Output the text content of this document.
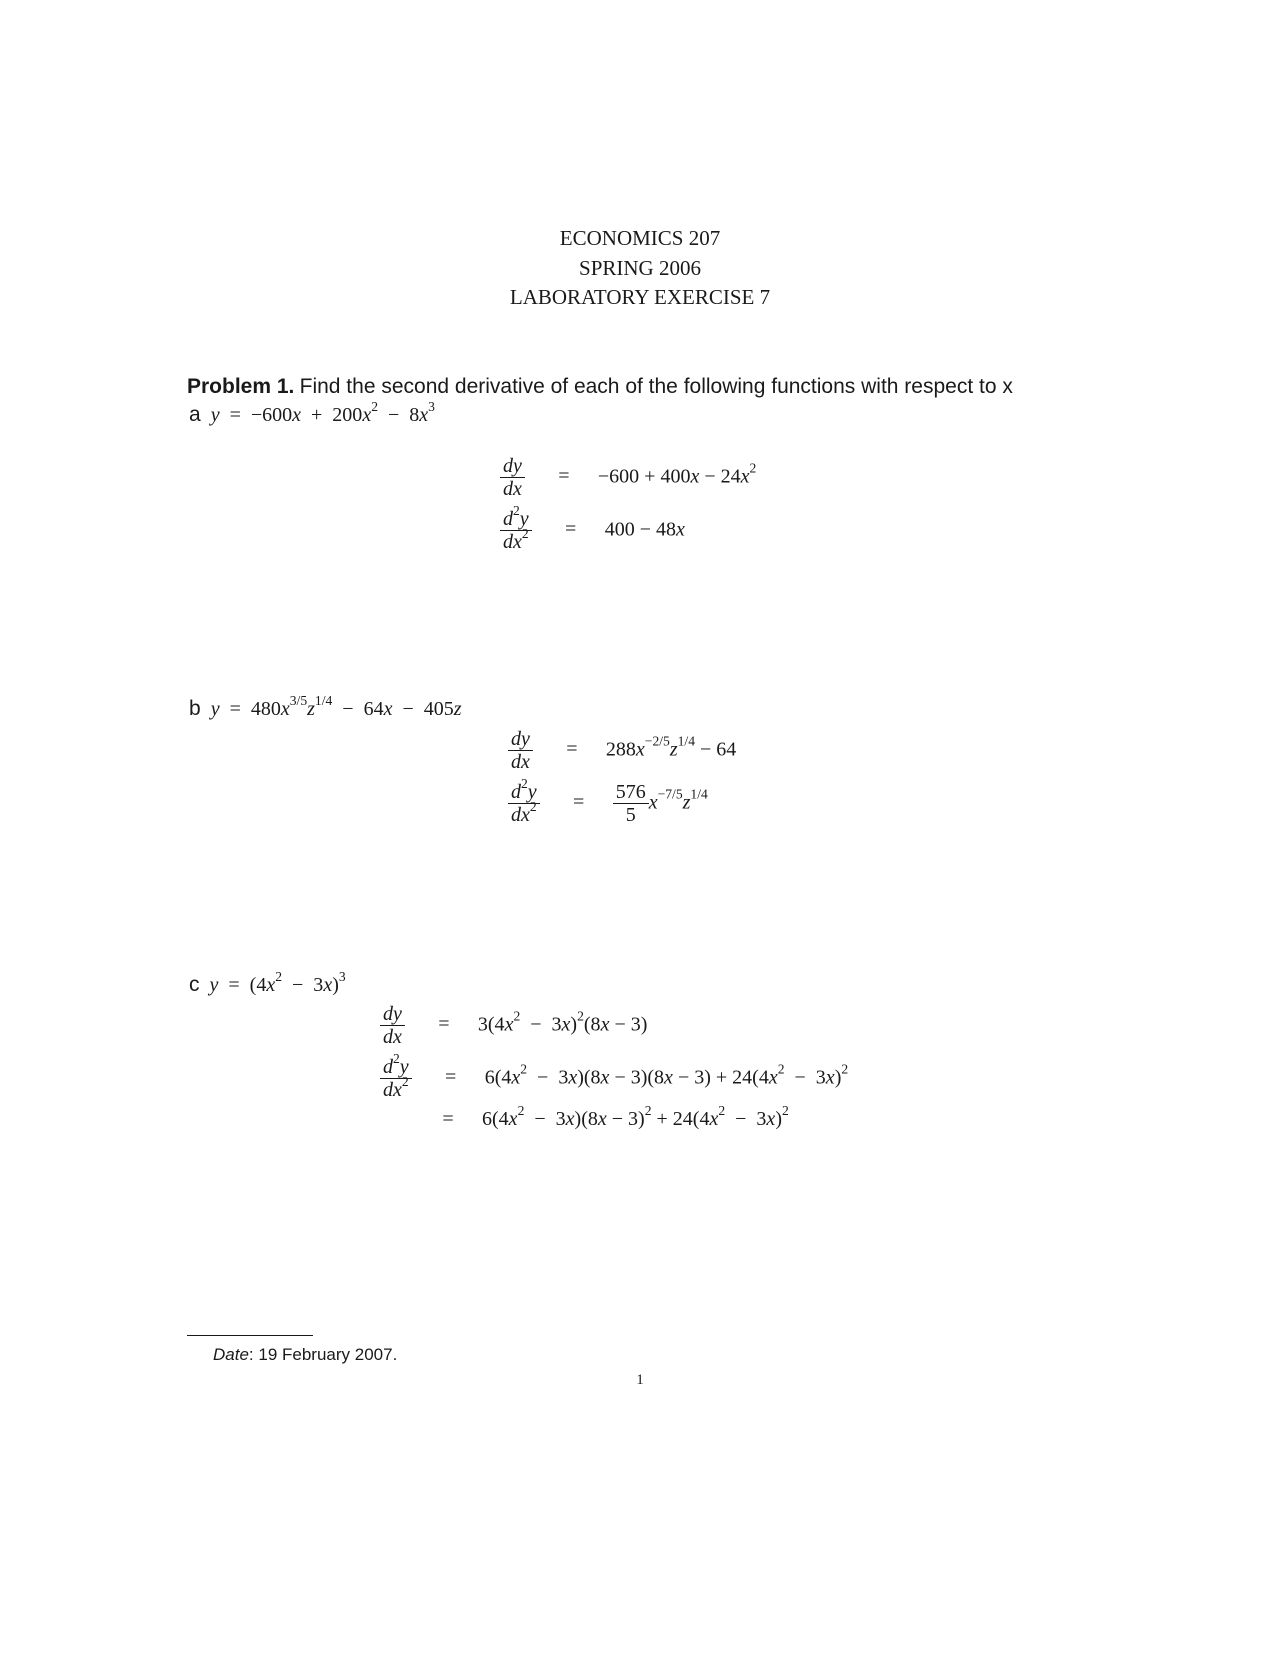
ECONOMICS 207
SPRING 2006
LABORATORY EXERCISE 7
Problem 1. Find the second derivative of each of the following functions with respect to x
a $y = -600x + 200x^2 - 8x^3$
$\frac{dy}{dx} = -600 + 400x - 24x^2$
$\frac{d^2y}{dx^2} = 400 - 48x$
b $y = 480x^{3/5}z^{1/4} - 64x - 405z$
$\frac{dy}{dx} = 288x^{-2/5}z^{1/4} - 64$
$\frac{d^2y}{dx^2} = \frac{576}{5} x^{-7/5}z^{1/4}$
c $y = (4x^2 - 3x)^3$
$\frac{dy}{dx} = 3(4x^2 - 3x)^2(8x - 3)$
$\frac{d^2y}{dx^2} = 6(4x^2 - 3x)(8x - 3)(8x - 3) + 24(4x^2 - 3x)^2$
= $6(4x^2 - 3x)(8x - 3)^2 + 24(4x^2 - 3x)^2$
Date: 19 February 2007.
1
